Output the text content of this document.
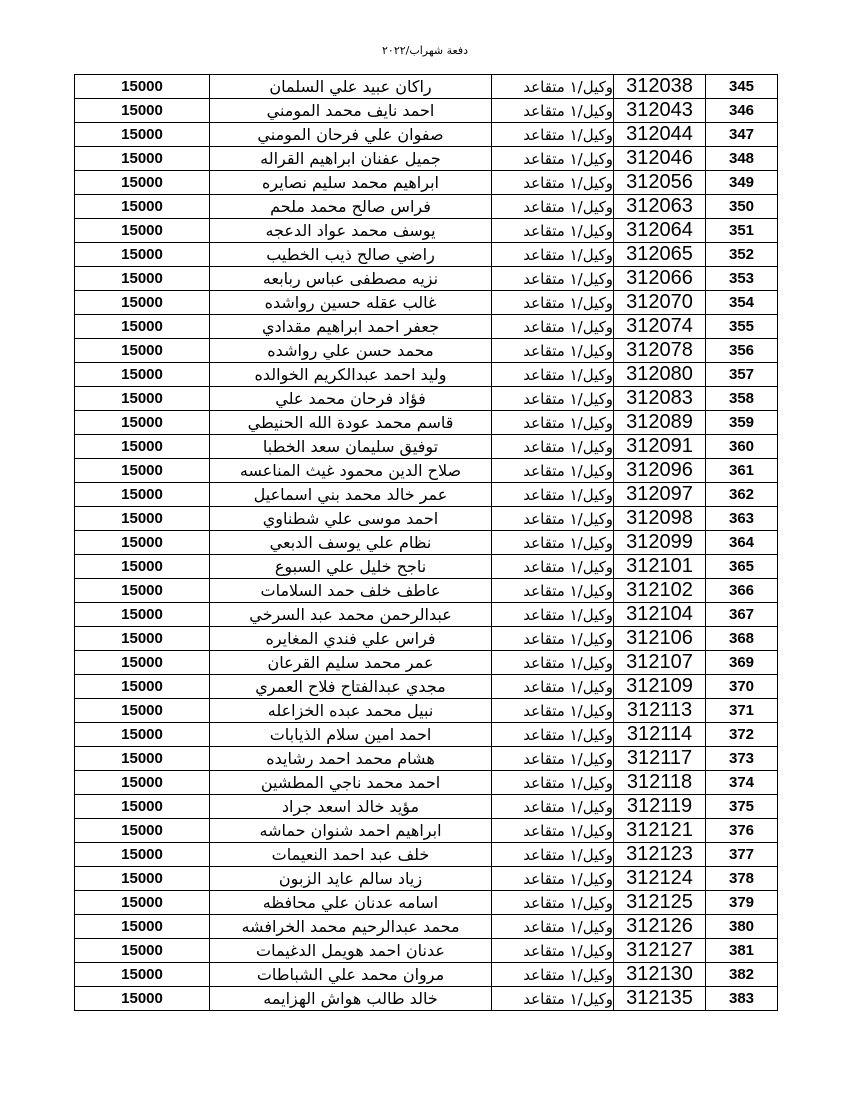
دفعة شهراب/٢٠٢٢
15000	راكان عبيد علي السلمان	وكيل/١ متقاعد	312038	345
15000	احمد نايف محمد المومني	وكيل/١ متقاعد	312043	346
15000	صفوان علي فرحان المومني	وكيل/١ متقاعد	312044	347
15000	جميل عفنان ابراهيم القراله	وكيل/١ متقاعد	312046	348
15000	ابراهيم محمد سليم نصايره	وكيل/١ متقاعد	312056	349
15000	فراس صالح محمد ملحم	وكيل/١ متقاعد	312063	350
15000	يوسف محمد عواد الدعجه	وكيل/١ متقاعد	312064	351
15000	راضي صالح ذيب الخطيب	وكيل/١ متقاعد	312065	352
15000	نزيه مصطفى عباس ربابعه	وكيل/١ متقاعد	312066	353
15000	غالب عقله حسين رواشده	وكيل/١ متقاعد	312070	354
15000	جعفر احمد ابراهيم مقدادي	وكيل/١ متقاعد	312074	355
15000	محمد حسن علي رواشده	وكيل/١ متقاعد	312078	356
15000	وليد احمد عبدالكريم الخوالده	وكيل/١ متقاعد	312080	357
15000	فؤاد فرحان محمد علي	وكيل/١ متقاعد	312083	358
15000	قاسم محمد عودة الله الحنيطي	وكيل/١ متقاعد	312089	359
15000	توفيق سليمان سعد الخطبا	وكيل/١ متقاعد	312091	360
15000	صلاح الدين محمود غيث المناعسه	وكيل/١ متقاعد	312096	361
15000	عمر خالد محمد بني اسماعيل	وكيل/١ متقاعد	312097	362
15000	احمد موسى علي شطناوي	وكيل/١ متقاعد	312098	363
15000	نظام علي يوسف الدبعي	وكيل/١ متقاعد	312099	364
15000	ناجح خليل علي السبوع	وكيل/١ متقاعد	312101	365
15000	عاطف خلف حمد السلامات	وكيل/١ متقاعد	312102	366
15000	عبدالرحمن محمد عبد السرخي	وكيل/١ متقاعد	312104	367
15000	فراس علي فندي المغايره	وكيل/١ متقاعد	312106	368
15000	عمر محمد سليم القرعان	وكيل/١ متقاعد	312107	369
15000	مجدي عبدالفتاح فلاح العمري	وكيل/١ متقاعد	312109	370
15000	نبيل محمد عبده الخزاعله	وكيل/١ متقاعد	312113	371
15000	احمد امين سلام الذيابات	وكيل/١ متقاعد	312114	372
15000	هشام محمد احمد رشايده	وكيل/١ متقاعد	312117	373
15000	احمد محمد ناجي المطشين	وكيل/١ متقاعد	312118	374
15000	مؤيد خالد اسعد جراد	وكيل/١ متقاعد	312119	375
15000	ابراهيم احمد شنوان حماشه	وكيل/١ متقاعد	312121	376
15000	خلف عبد احمد النعيمات	وكيل/١ متقاعد	312123	377
15000	زياد سالم عايد الزبون	وكيل/١ متقاعد	312124	378
15000	اسامه عدنان علي محافظه	وكيل/١ متقاعد	312125	379
15000	محمد عبدالرحيم محمد الخرافشه	وكيل/١ متقاعد	312126	380
15000	عدنان احمد هويمل الدغيمات	وكيل/١ متقاعد	312127	381
15000	مروان محمد علي الشباطات	وكيل/١ متقاعد	312130	382
15000	خالد طالب هواش الهزايمه	وكيل/١ متقاعد	312135	383
